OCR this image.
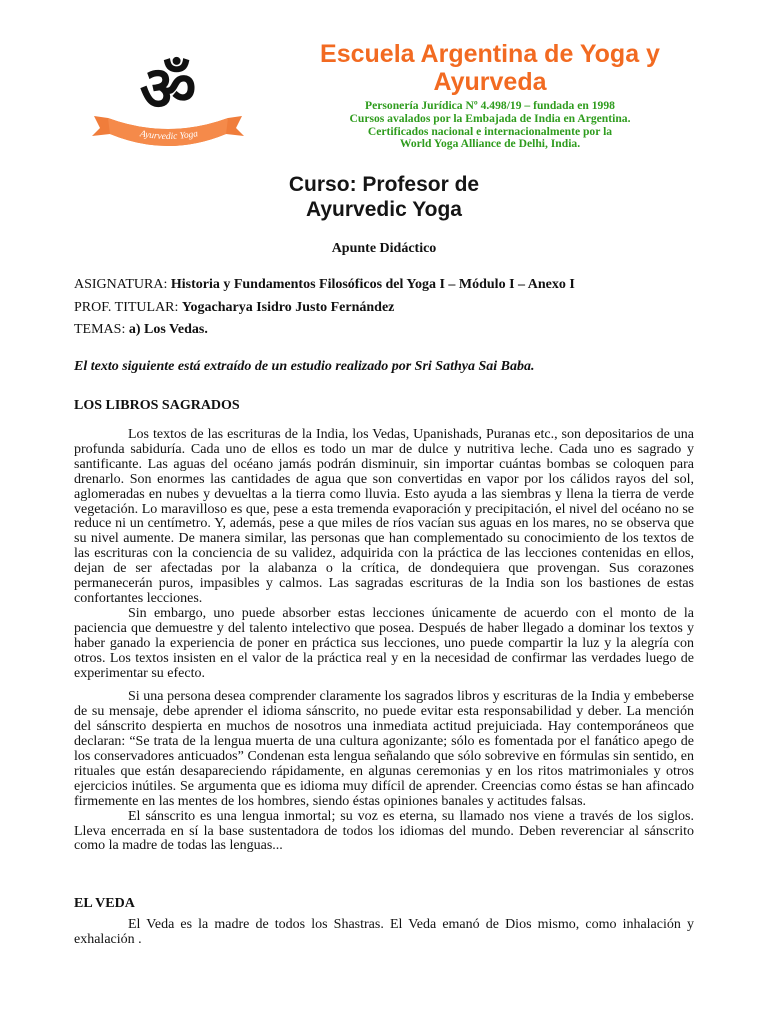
Ayurvedic Yoga
ॐ	Escuela Argentina de Yoga y
Ayurveda
Personería Jurídica Nº 4.498/19 – fundada en 1998
Cursos avalados por la Embajada de India en Argentina.
Certificados nacional e internacionalmente por la
World Yoga Alliance de Delhi, India.
Curso: Profesor de
Ayurvedic Yoga
Apunte Didáctico
ASIGNATURA: Historia y Fundamentos Filosóficos del Yoga I – Módulo I – Anexo I
PROF. TITULAR: Yogacharya Isidro Justo Fernández
TEMAS: a) Los Vedas.
El texto siguiente está extraído de un estudio realizado por Sri Sathya Sai Baba.
LOS LIBROS SAGRADOS

Los textos de las escrituras de la India, los Vedas, Upanishads, Puranas etc., son depositarios de una profunda sabiduría. Cada uno de ellos es todo un mar de dulce y nutritiva leche. Cada uno es sagrado y santificante. Las aguas del océano jamás podrán disminuir, sin importar cuántas bombas se coloquen para drenarlo. Son enormes las cantidades de agua que son convertidas en vapor por los cálidos rayos del sol, aglomeradas en nubes y devueltas a la tierra como lluvia. Esto ayuda a las siembras y llena la tierra de verde vegetación. Lo maravilloso es que, pese a esta tremenda evaporación y precipitación, el nivel del océano no se reduce ni un centímetro. Y, además, pese a que miles de ríos vacían sus aguas en los mares, no se observa que su nivel aumente. De manera similar, las personas que han complementado su conocimiento de los textos de las escrituras con la conciencia de su validez, adquirida con la práctica de las lecciones contenidas en ellos, dejan de ser afectadas por la alabanza o la crítica, de dondequiera que provengan. Sus corazones permanecerán puros, impasibles y calmos. Las sagradas escrituras de la India son los bastiones de estas confortantes lecciones.

Sin embargo, uno puede absorber estas lecciones únicamente de acuerdo con el monto de la paciencia que demuestre y del talento intelectivo que posea. Después de haber llegado a dominar los textos y haber ganado la experiencia de poner en práctica sus lecciones, uno puede compartir la luz y la alegría con otros. Los textos insisten en el valor de la práctica real y en la necesidad de confirmar las verdades luego de experimentar su efecto.

Si una persona desea comprender claramente los sagrados libros y escrituras de la India y embeberse de su mensaje, debe aprender el idioma sánscrito, no puede evitar esta responsabilidad y deber. La mención del sánscrito despierta en muchos de nosotros una inmediata actitud prejuiciada. Hay contemporáneos que declaran: “Se trata de la lengua muerta de una cultura agonizante; sólo es fomentada por el fanático apego de los conservadores anticuados” Condenan esta lengua señalando que sólo sobrevive en fórmulas sin sentido, en rituales que están desapareciendo rápidamente, en algunas ceremonias y en los ritos matrimoniales y otros ejercicios inútiles. Se argumenta que es idioma muy difícil de aprender. Creencias como éstas se han afincado firmemente en las mentes de los hombres, siendo éstas opiniones banales y actitudes falsas.

El sánscrito es una lengua inmortal; su voz es eterna, su llamado nos viene a través de los siglos. Lleva encerrada en sí la base sustentadora de todos los idiomas del mundo. Deben reverenciar al sánscrito como la madre de todas las lenguas...

EL VEDA

El Veda es la madre de todos los Shastras. El Veda emanó de Dios mismo, como inhalación y exhalación .
